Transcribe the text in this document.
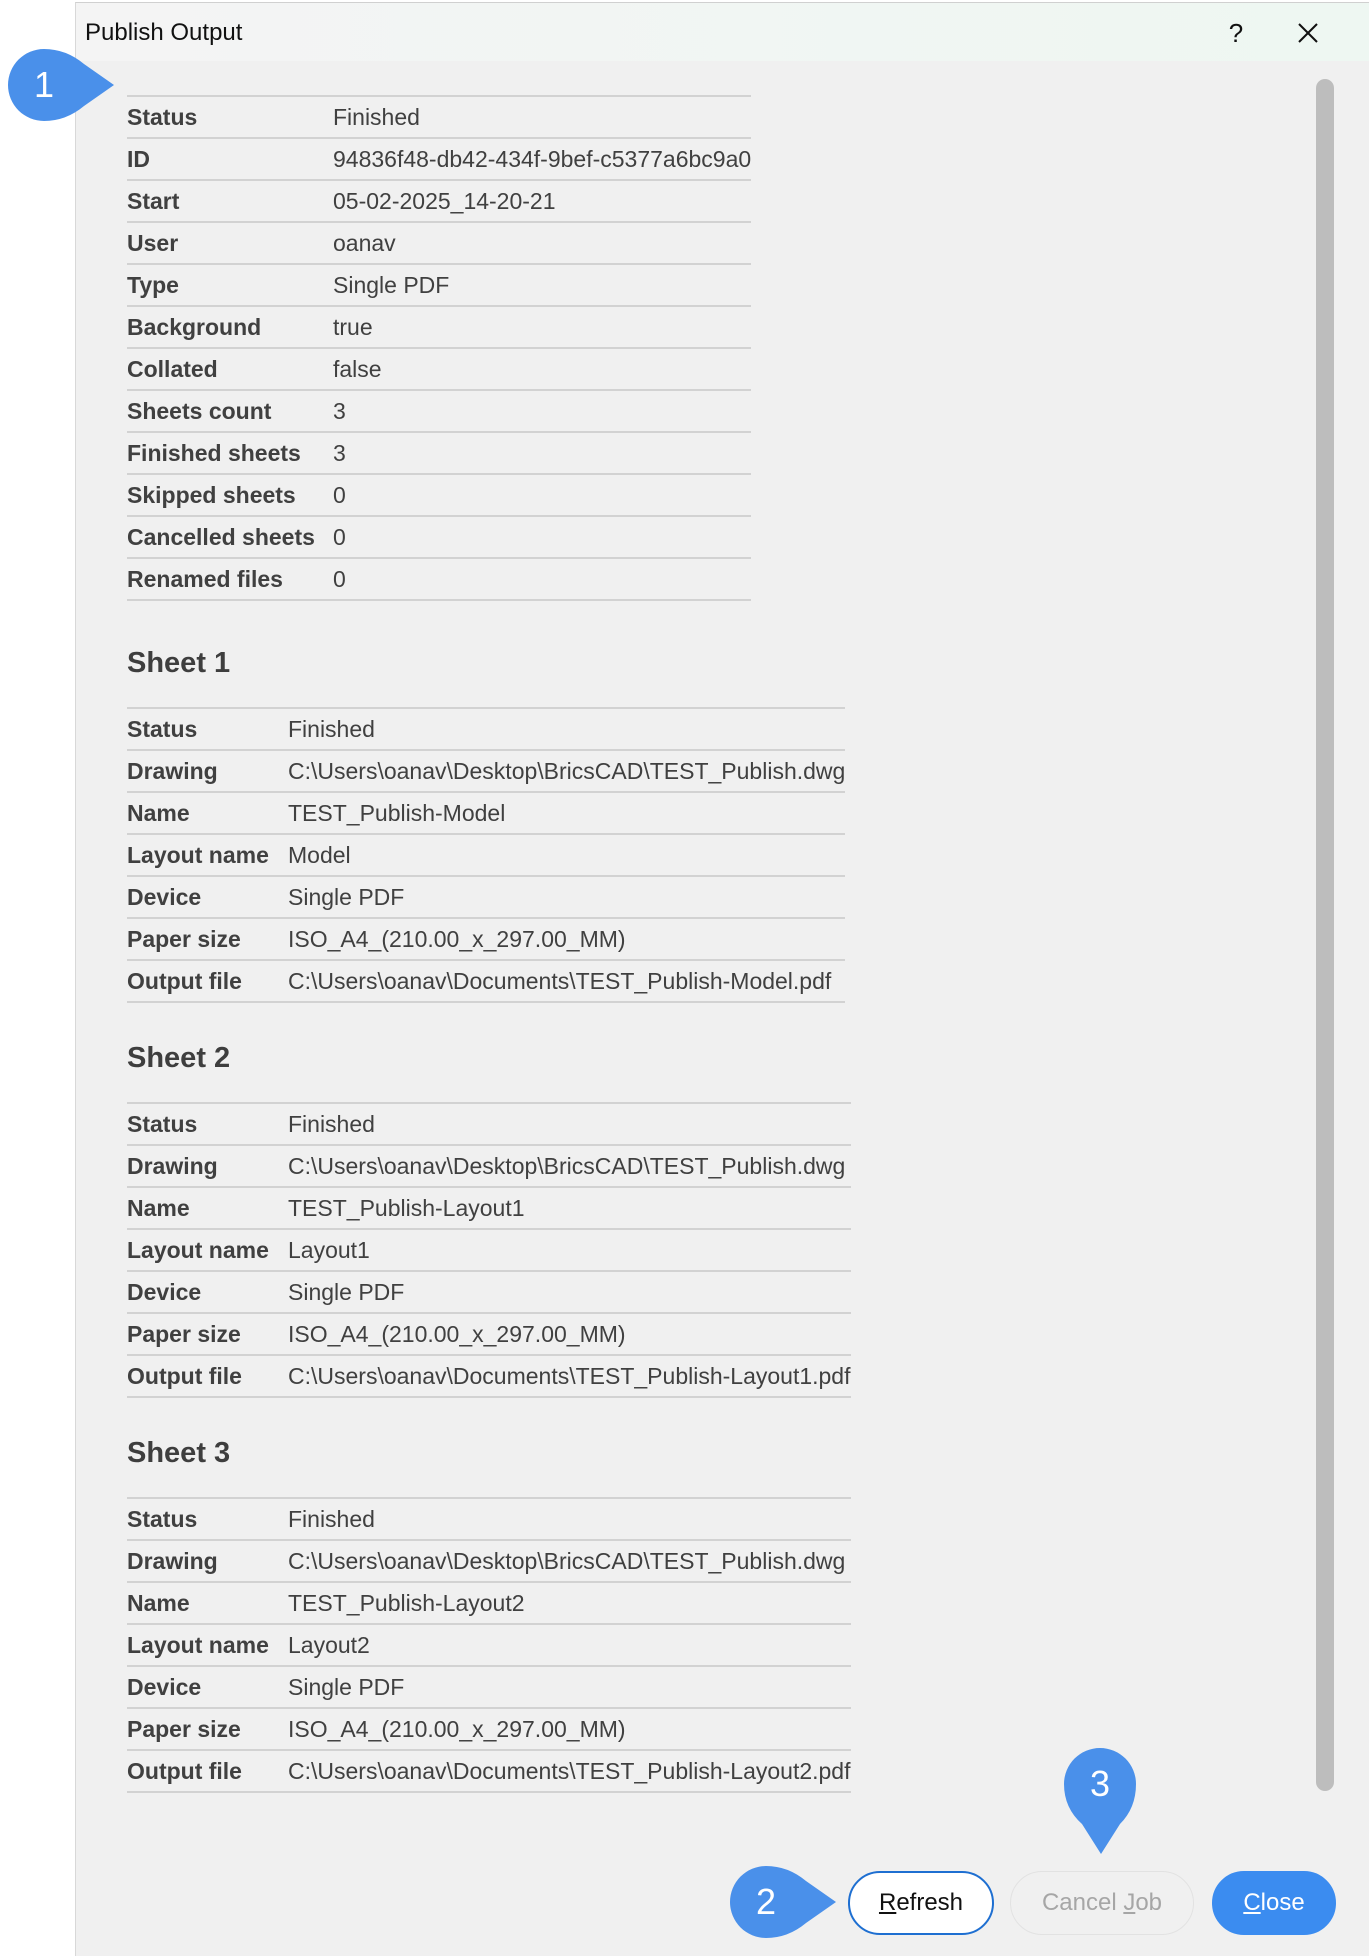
Publish Output	?
Status	Finished
ID	94836f48-db42-434f-9bef-c5377a6bc9a0
Start	05-02-2025_14-20-21
User	oanav
Type	Single PDF
Background	true
Collated	false
Sheets count	3
Finished sheets	3
Skipped sheets	0
Cancelled sheets	0
Renamed files	0
Sheet 1
Status	Finished
Drawing	C:\Users\oanav\Desktop\BricsCAD\TEST_Publish.dwg
Name	TEST_Publish-Model
Layout name	Model
Device	Single PDF
Paper size	ISO_A4_(210.00_x_297.00_MM)
Output file	C:\Users\oanav\Documents\TEST_Publish-Model.pdf
Sheet 2
Status	Finished
Drawing	C:\Users\oanav\Desktop\BricsCAD\TEST_Publish.dwg
Name	TEST_Publish-Layout1
Layout name	Layout1
Device	Single PDF
Paper size	ISO_A4_(210.00_x_297.00_MM)
Output file	C:\Users\oanav\Documents\TEST_Publish-Layout1.pdf
Sheet 3
Status	Finished
Drawing	C:\Users\oanav\Desktop\BricsCAD\TEST_Publish.dwg
Name	TEST_Publish-Layout2
Layout name	Layout2
Device	Single PDF
Paper size	ISO_A4_(210.00_x_297.00_MM)
Output file	C:\Users\oanav\Documents\TEST_Publish-Layout2.pdf
R efresh	Cancel J ob	C lose
1
2
3
